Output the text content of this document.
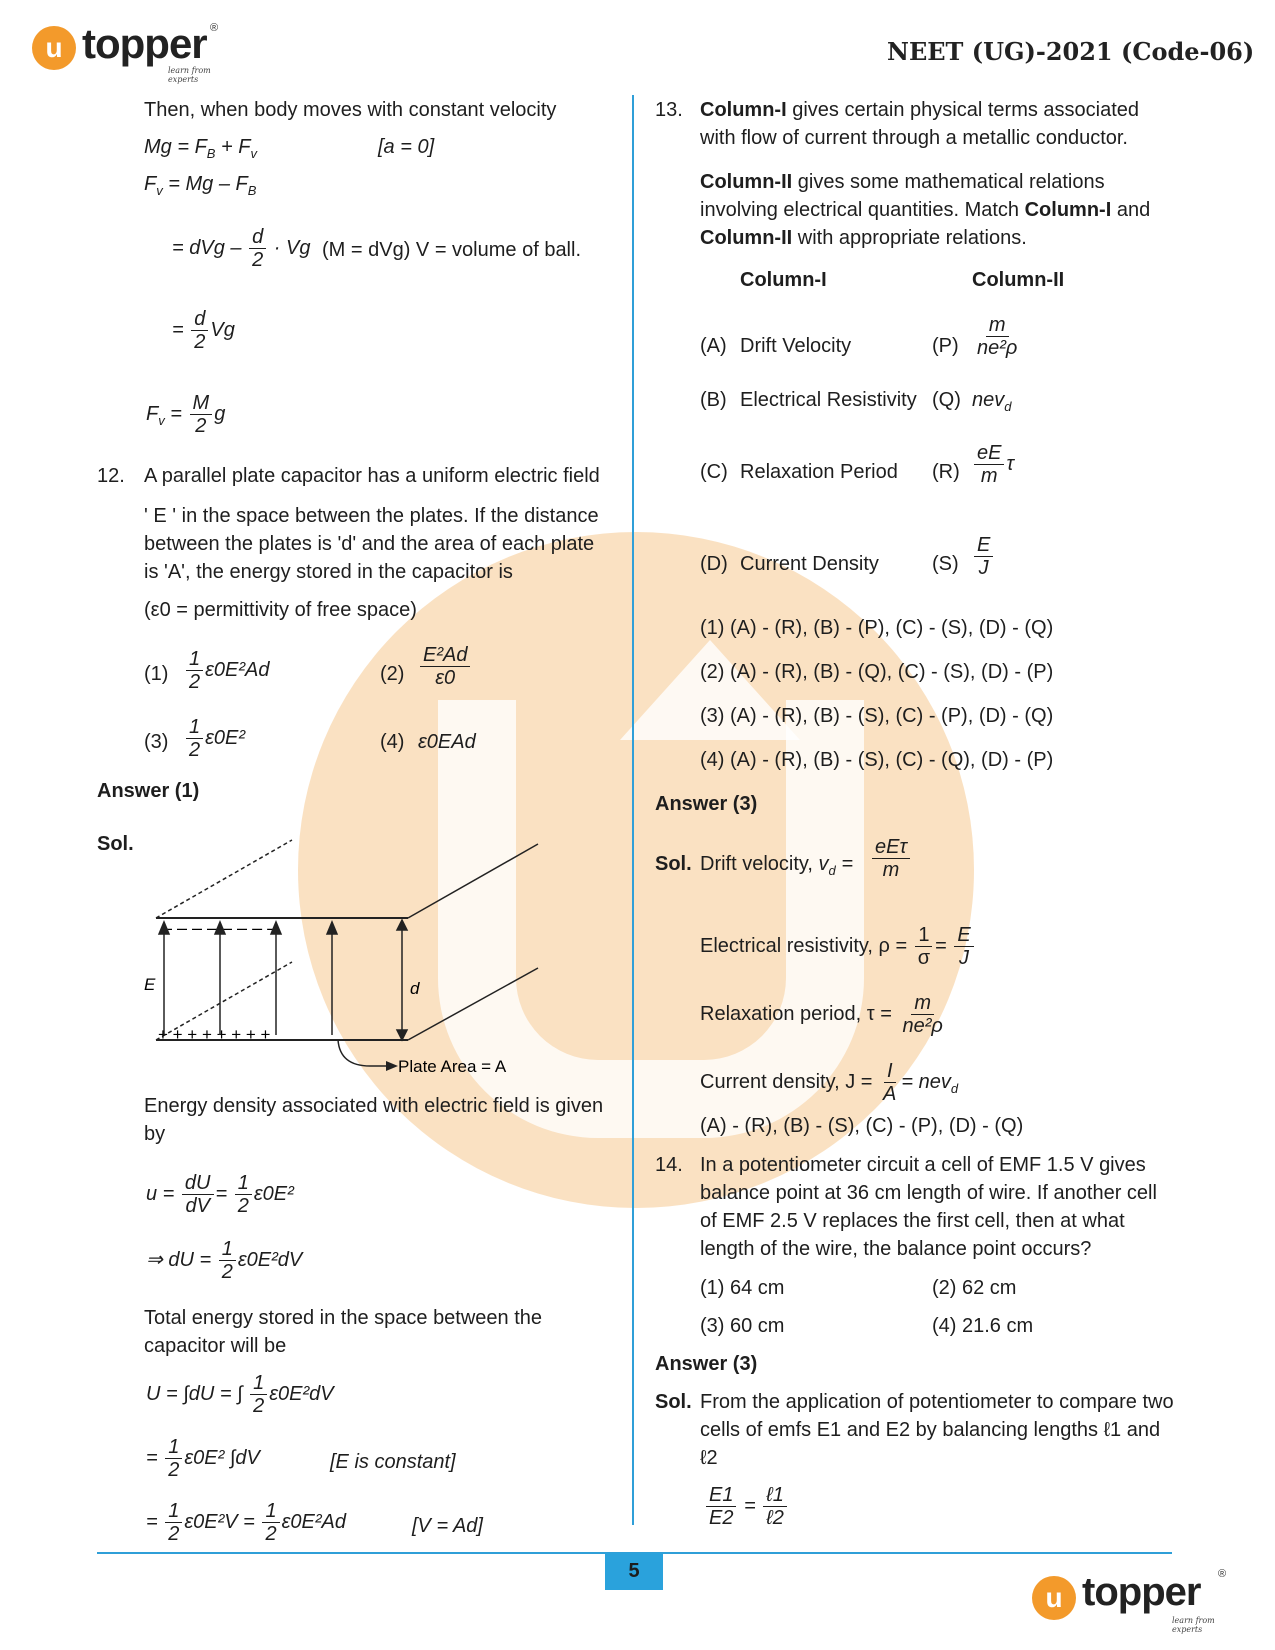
u topper ®
learn from experts
NEET (UG)-2021 (Code-06)
5
Then, when body moves with constant velocity
$Mg = F_B + F_v$	[a = 0]
$F_v = Mg - F_B$
= dVg – $\frac{d}{2} \cdot Vg$ (M = dVg) V = volume of ball.
= $\frac{d}{2}$ Vg
$F_v = \frac{M}{2}$ g
12. A parallel plate capacitor has a uniform electric field
' E ' in the space between the plates. If the distance
between the plates is 'd' and the area of each plate
is 'A', the energy stored in the capacitor is
(ε0 = permittivity of free space)
$(1) \frac{1}{2} \varepsilon 0E^2Ad$	$(2) \frac{\text{E²Ad}}{\varepsilon 0}$
$(3) \frac{1}{2} \varepsilon 0E^2$	(4) ε0EAd
Answer (1)
Sol.
– – – – – – –
+ + + + + + + +
E	d
Plate Area = A
Energy density associated with electric field is given
by
$u = \frac{dU}{dV} = \frac{1}{2} \varepsilon 0E^2$
⇒ dU = $\frac{1}{2} \varepsilon 0E^2dV$
Total energy stored in the space between the
capacitor will be
U = ∫dU = ∫ $\frac{1}{2} \varepsilon 0E^2dV$
= $\frac{1}{2} \varepsilon 0E^2$ ∫dV	[E is constant]
= $\frac{1}{2} \varepsilon 0E^2V = \frac{1}{2} \varepsilon 0E^2Ad$	[V = Ad]
13. Column-I gives certain physical terms associated
with flow of current through a metallic conductor.
Column-II gives some mathematical relations
involving electrical quantities. Match Column-I and
Column-II with appropriate relations.
Column-I	Column-II
(A) Drift Velocity	$(P) \frac{m}{\text{ne²ρ}}$
(B) Electrical Resistivity (Q) nev$_d$
(C) Relaxation Period $(R) \frac{eE}{m}$ τ
(D) Current Density	$(S) \frac{E}{J}$
(1) (A) - (R), (B) - (P), (C) - (S), (D) - (Q)
(2) (A) - (R), (B) - (Q), (C) - (S), (D) - (P)
(3) (A) - (R), (B) - (S), (C) - (P), (D) - (Q)
(4) (A) - (R), (B) - (S), (C) - (Q), (D) - (P)
Answer (3)
Sol. Drift velocity, $v_d = \frac{\text{eEτ}}{m}$
Electrical resistivity, $\rho = \frac{1}{\sigma} = \frac{E}{J}$
Relaxation period, $\tau = \frac{m}{\text{ne²ρ}}$
Current density, $J = \frac{I}{A} = nev_d$
(A) - (R), (B) - (S), (C) - (P), (D) - (Q)
14. In a potentiometer circuit a cell of EMF 1.5 V gives
balance point at 36 cm length of wire. If another cell
of EMF 2.5 V replaces the first cell, then at what
length of the wire, the balance point occurs?
(1) 64 cm	(2) 62 cm
(3) 60 cm	(4) 21.6 cm
Answer (3)
Sol. From the application of potentiometer to compare two
cells of emfs E1 and E2 by balancing lengths ℓ1 and
ℓ2
$\frac{E1}{E2} = \frac{\text{ℓ1}}{\text{ℓ2}}$
u topper ®
learn from experts
